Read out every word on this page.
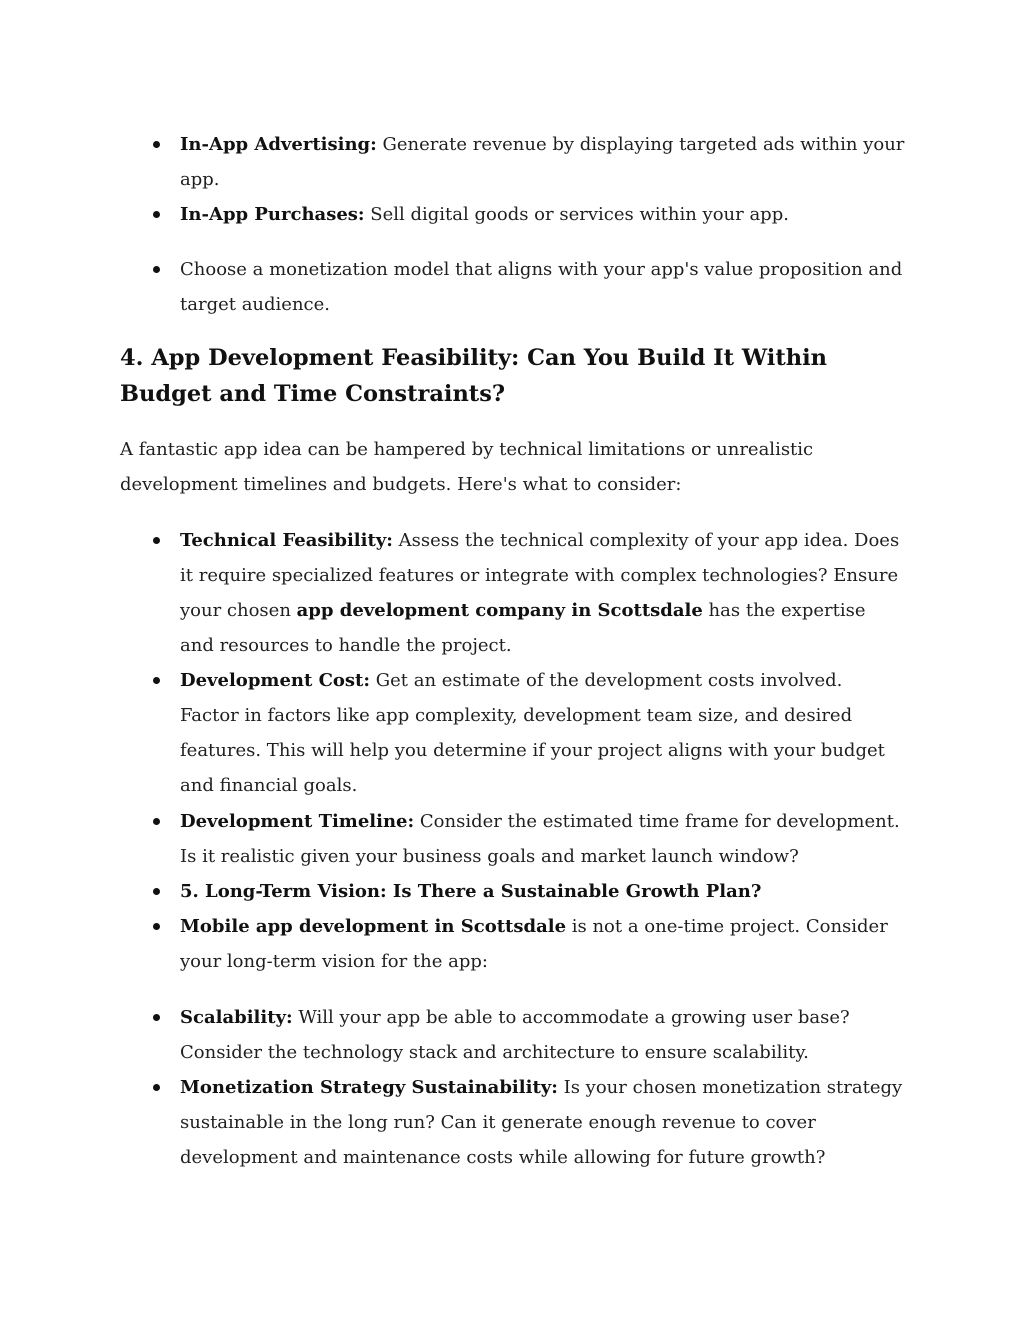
In-App Advertising: Generate revenue by displaying targeted ads within your app.
In-App Purchases: Sell digital goods or services within your app.
Choose a monetization model that aligns with your app's value proposition and target audience.
4. App Development Feasibility: Can You Build It Within Budget and Time Constraints?

A fantastic app idea can be hampered by technical limitations or unrealistic development timelines and budgets. Here's what to consider:

Technical Feasibility: Assess the technical complexity of your app idea. Does it require specialized features or integrate with complex technologies? Ensure your chosen app development company in Scottsdale has the expertise and resources to handle the project.
Development Cost: Get an estimate of the development costs involved. Factor in factors like app complexity, development team size, and desired features. This will help you determine if your project aligns with your budget and financial goals.
Development Timeline: Consider the estimated time frame for development. Is it realistic given your business goals and market launch window?
5. Long-Term Vision: Is There a Sustainable Growth Plan?
Mobile app development in Scottsdale is not a one-time project. Consider your long-term vision for the app:
Scalability: Will your app be able to accommodate a growing user base? Consider the technology stack and architecture to ensure scalability.
Monetization Strategy Sustainability: Is your chosen monetization strategy sustainable in the long run? Can it generate enough revenue to cover development and maintenance costs while allowing for future growth?
